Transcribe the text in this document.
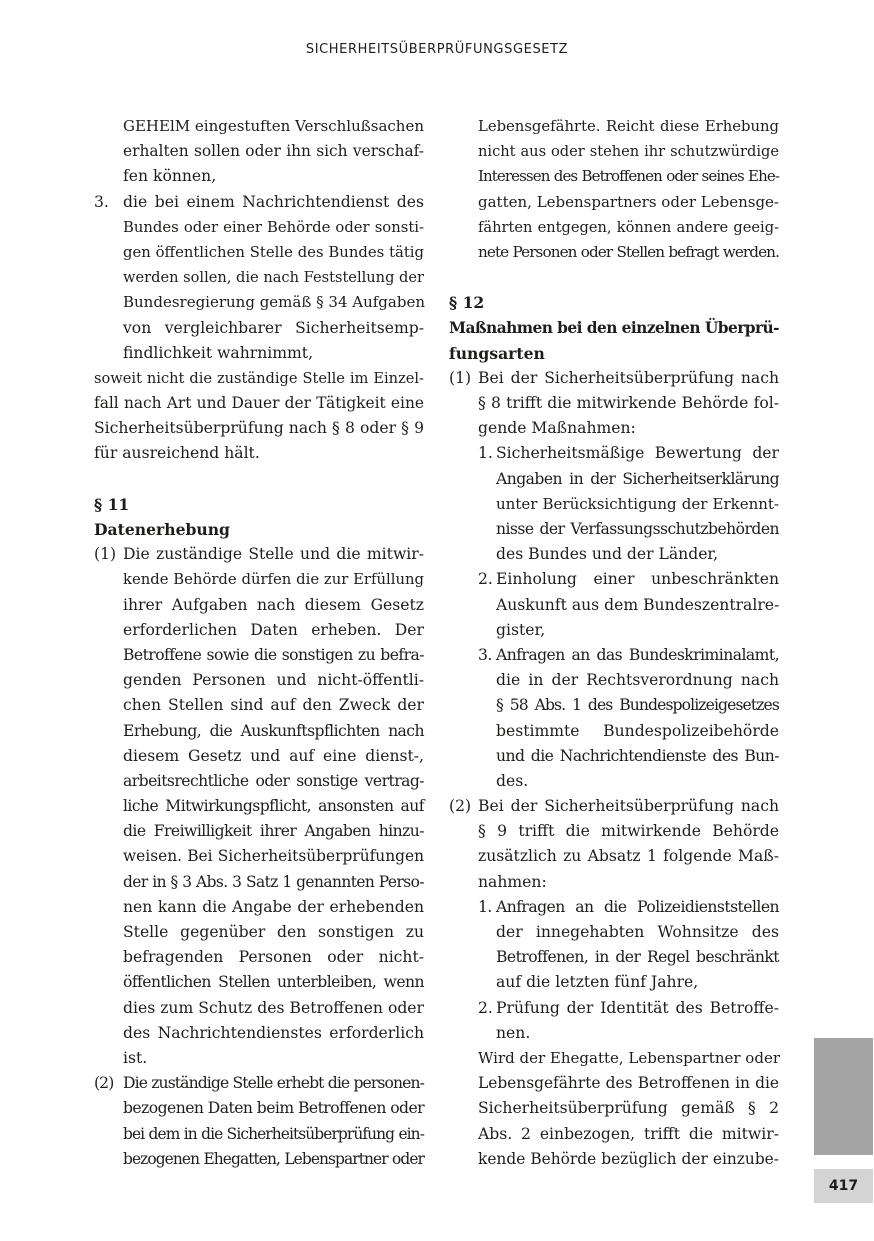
SICHERHEITSÜBERPRÜFUNGSGESETZ
GEHElM eingestuften Verschlußsachen
erhalten sollen oder ihn sich verschaf-
fen können,
3. die bei einem Nachrichtendienst des
Bundes oder einer Behörde oder sonsti-
gen öffentlichen Stelle des Bundes tätig
werden sollen, die nach Feststellung der
Bundesregierung gemäß § 34 Aufgaben
von vergleichbarer Sicherheitsemp-
findlichkeit wahrnimmt,
soweit nicht die zuständige Stelle im Einzel-
fall nach Art und Dauer der Tätigkeit eine
Sicherheitsüberprüfung nach § 8 oder § 9
für ausreichend hält.
§ 11
Datenerhebung
(1) Die zuständige Stelle und die mitwir-
kende Behörde dürfen die zur Erfüllung
ihrer Aufgaben nach diesem Gesetz
erforderlichen Daten erheben. Der
Betroffene sowie die sonstigen zu befra-
genden Personen und nicht-öffentli-
chen Stellen sind auf den Zweck der
Erhebung, die Auskunftspflichten nach
diesem Gesetz und auf eine dienst-,
arbeitsrechtliche oder sonstige vertrag-
liche Mitwirkungspflicht, ansonsten auf
die Freiwilligkeit ihrer Angaben hinzu-
weisen. Bei Sicherheitsüberprüfungen
der in § 3 Abs. 3 Satz 1 genannten Perso-
nen kann die Angabe der erhebenden
Stelle gegenüber den sonstigen zu
befragenden Personen oder nicht-
öffentlichen Stellen unterbleiben, wenn
dies zum Schutz des Betroffenen oder
des Nachrichtendienstes erforderlich
ist.
(2) Die zuständige Stelle erhebt die personen-
bezogenen Daten beim Betroffenen oder
bei dem in die Sicherheitsüberprüfung ein-
bezogenen Ehegatten, Lebenspartner oder
Lebensgefährte. Reicht diese Erhebung
nicht aus oder stehen ihr schutzwürdige
Interessen des Betroffenen oder seines Ehe-
gatten, Lebenspartners oder Lebensge-
fährten entgegen, können andere geeig-
nete Personen oder Stellen befragt werden.
§ 12
Maßnahmen bei den einzelnen Überprü-
fungsarten
(1) Bei der Sicherheitsüberprüfung nach
§ 8 trifft die mitwirkende Behörde fol-
gende Maßnahmen:
1. Sicherheitsmäßige Bewertung der
Angaben in der Sicherheitserklärung
unter Berücksichtigung der Erkennt-
nisse der Verfassungsschutzbehörden
des Bundes und der Länder,
2. Einholung einer unbeschränkten
Auskunft aus dem Bundeszentralre-
gister,
3. Anfragen an das Bundeskriminalamt,
die in der Rechtsverordnung nach
§ 58 Abs. 1 des Bundespolizeigesetzes
bestimmte Bundespolizeibehörde
und die Nachrichtendienste des Bun-
des.
(2) Bei der Sicherheitsüberprüfung nach
§ 9 trifft die mitwirkende Behörde
zusätzlich zu Absatz 1 folgende Maß-
nahmen:
1. Anfragen an die Polizeidienststellen
der innegehabten Wohnsitze des
Betroffenen, in der Regel beschränkt
auf die letzten fünf Jahre,
2. Prüfung der Identität des Betroffe-
nen.
Wird der Ehegatte, Lebenspartner oder
Lebensgefährte des Betroffenen in die
Sicherheitsüberprüfung gemäß § 2
Abs. 2 einbezogen, trifft die mitwir-
kende Behörde bezüglich der einzube-
417
